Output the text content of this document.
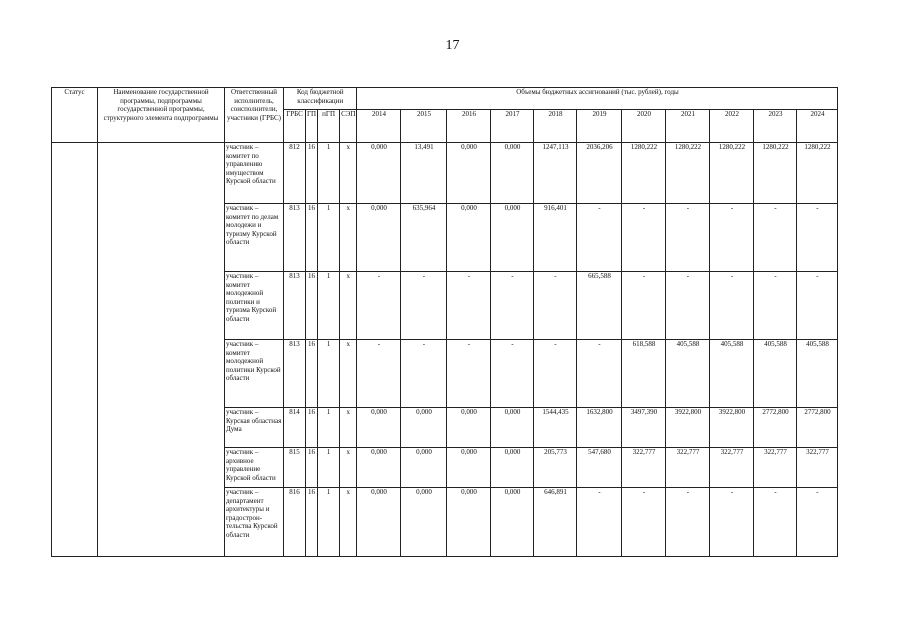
17
Статус	Наименование государственной программы, подпрограммы государственной программы, структурного элемента подпрограммы	Ответственный исполнитель, соисполнители, участники (ГРБС)	Код бюджетной классификации				Объемы бюджетных ассигнований (тыс. рублей), годы										
			ГРБС	ГП	пГП	СЭП	2014	2015	2016	2017	2018	2019	2020	2021	2022	2023	2024
		участник – комитет по управлению имуществом Курской области	812	16	1	х	0,000	13,491	0,000	0,000	1247,113	2036,206	1280,222	1280,222	1280,222	1280,222	1280,222
		участник – комитет по делам молодежи и туризму Курской области	813	16	1	х	0,000	635,964	0,000	0,000	916,401	-	-	-	-	-	-
		участник – комитет молодежной политики и туризма Курской области	813	16	1	х	-	-	-	-	-	665,588	-	-	-	-	-
		участник – комитет молодежной политики Курской области	813	16	1	х	-	-	-	-	-	-	618,588	405,588	405,588	405,588	405,588
		участник – Курская областная Дума	814	16	1	х	0,000	0,000	0,000	0,000	1544,435	1632,800	3497,390	3922,800	3922,800	2772,800	2772,800
		участник – архивное управление Курской области	815	16	1	х	0,000	0,000	0,000	0,000	205,773	547,680	322,777	322,777	322,777	322,777	322,777
		участник – департамент архитектуры и градострон-тельства Курской области	816	16	1	х	0,000	0,000	0,000	0,000	646,891	-	-	-	-	-	-
